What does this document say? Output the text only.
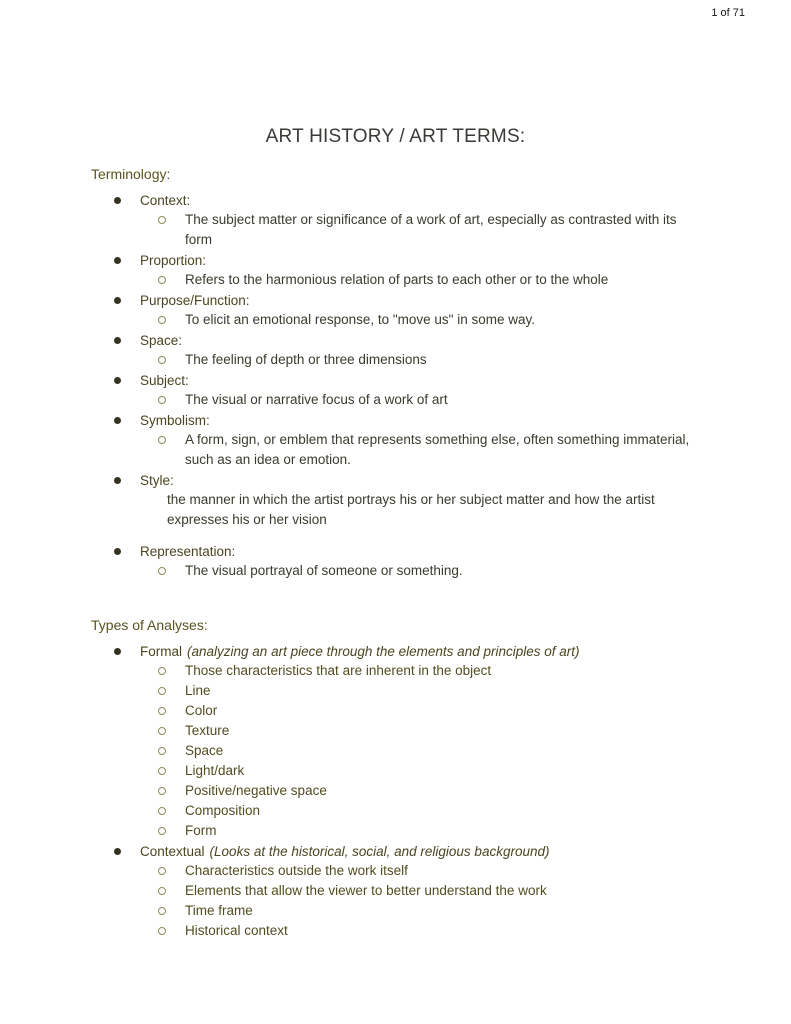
1 of 71
ART HISTORY / ART TERMS:
Terminology:
Context:
The subject matter or significance of a work of art, especially as contrasted with its form
Proportion:
Refers to the harmonious relation of parts to each other or to the whole
Purpose/Function:
To elicit an emotional response, to "move us" in some way.
Space:
The feeling of depth or three dimensions
Subject:
The visual or narrative focus of a work of art
Symbolism:
A form, sign, or emblem that represents something else, often something immaterial, such as an idea or emotion.
Style:
the manner in which the artist portrays his or her subject matter and how the artist expresses his or her vision
Representation:
The visual portrayal of someone or something.
Types of Analyses:
Formal (analyzing an art piece through the elements and principles of art)
Those characteristics that are inherent in the object
Line
Color
Texture
Space
Light/dark
Positive/negative space
Composition
Form
Contextual (Looks at the historical, social, and religious background)
Characteristics outside the work itself
Elements that allow the viewer to better understand the work
Time frame
Historical context
